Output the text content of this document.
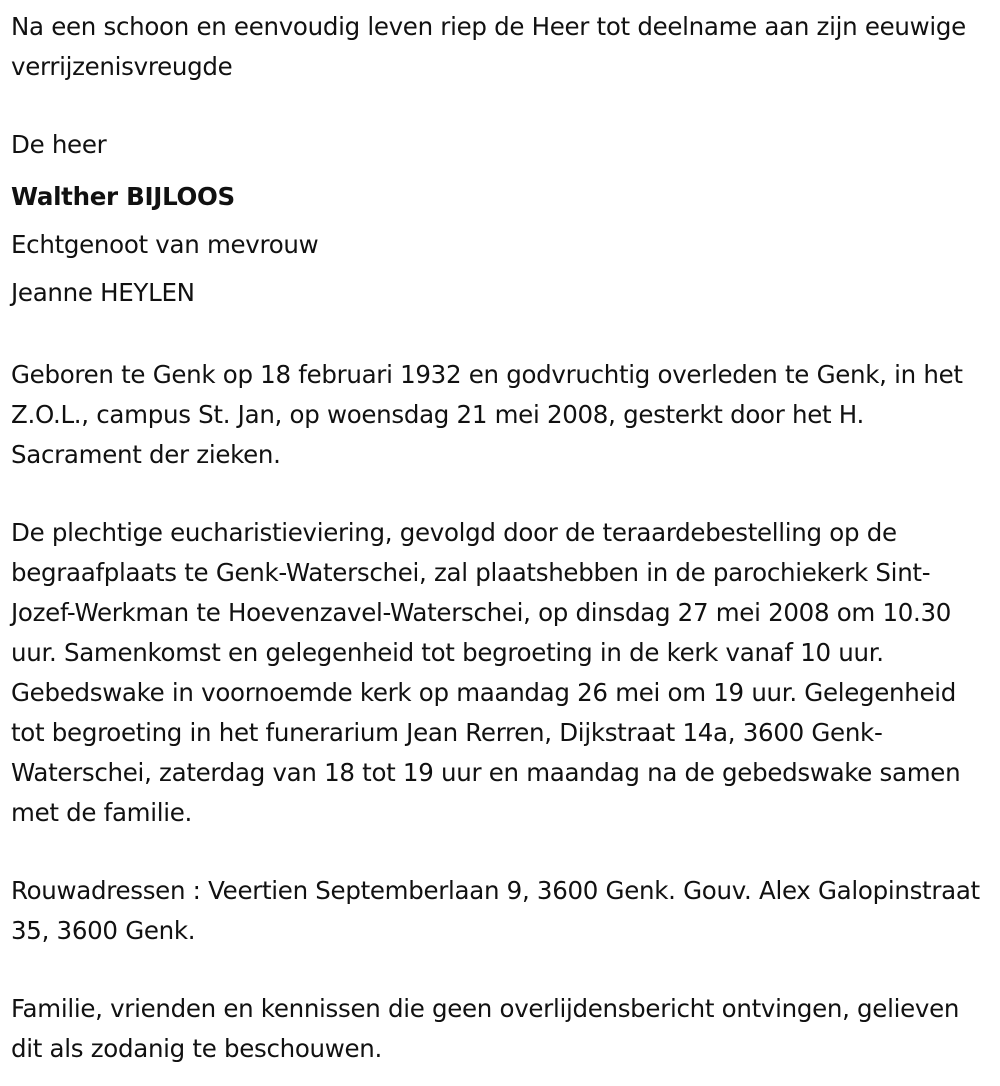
Na een schoon en eenvoudig leven riep de Heer tot deelname aan zijn eeuwige verrijzenisvreugde

De heer

Walther BIJLOOS

Echtgenoot van mevrouw

Jeanne HEYLEN

Geboren te Genk op 18 februari 1932 en godvruchtig overleden te Genk, in het Z.O.L., campus St. Jan, op woensdag 21 mei 2008, gesterkt door het H. Sacrament der zieken.

De plechtige eucharistieviering, gevolgd door de teraardebestelling op de begraafplaats te Genk-Waterschei, zal plaatshebben in de parochiekerk Sint-Jozef-Werkman te Hoevenzavel-Waterschei, op dinsdag 27 mei 2008 om 10.30 uur. Samenkomst en gelegenheid tot begroeting in de kerk vanaf 10 uur. Gebedswake in voornoemde kerk op maandag 26 mei om 19 uur. Gelegenheid tot begroeting in het funerarium Jean Rerren, Dijkstraat 14a, 3600 Genk-Waterschei, zaterdag van 18 tot 19 uur en maandag na de gebedswake samen met de familie.

Rouwadressen : Veertien Septemberlaan 9, 3600 Genk. Gouv. Alex Galopinstraat 35, 3600 Genk.

Familie, vrienden en kennissen die geen overlijdensbericht ontvingen, gelieven dit als zodanig te beschouwen.
